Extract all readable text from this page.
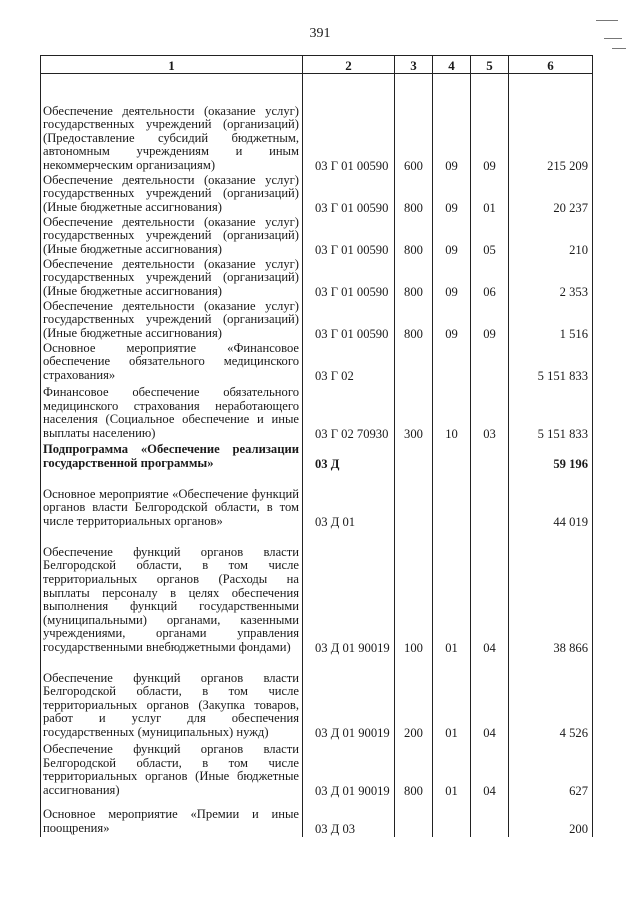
391
1	2	3	4	5	6
Обеспечение деятельности (оказание услуг) государственных учреждений (организаций) (Предоставление субсидий бюджетным, автономным учреждениям и иным некоммерческим организациям)	03 Г 01 00590	600	09	09	215 209
Обеспечение деятельности (оказание услуг) государственных учреждений (организаций) (Иные бюджетные ассигнования)	03 Г 01 00590	800	09	01	20 237
Обеспечение деятельности (оказание услуг) государственных учреждений (организаций) (Иные бюджетные ассигнования)	03 Г 01 00590	800	09	05	210
Обеспечение деятельности (оказание услуг) государственных учреждений (организаций) (Иные бюджетные ассигнования)	03 Г 01 00590	800	09	06	2 353
Обеспечение деятельности (оказание услуг) государственных учреждений (организаций) (Иные бюджетные ассигнования)	03 Г 01 00590	800	09	09	1 516
Основное мероприятие «Финансовое обеспечение обязательного медицинского страхования»	03 Г 02				5 151 833
Финансовое обеспечение обязательного медицинского страхования неработающего населения (Социальное обеспечение и иные выплаты населению)	03 Г 02 70930	300	10	03	5 151 833
Подпрограмма «Обеспечение реализации государственной программы»	03 Д				59 196
Основное мероприятие «Обеспечение функций органов власти Белгородской области, в том числе территориальных органов»	03 Д 01				44 019
Обеспечение функций органов власти Белгородской области, в том числе территориальных органов (Расходы на выплаты персоналу в целях обеспечения выполнения функций государственными (муниципальными) органами, казенными учреждениями, органами управления государственными внебюджетными фондами)	03 Д 01 90019	100	01	04	38 866
Обеспечение функций органов власти Белгородской области, в том числе территориальных органов (Закупка товаров, работ и услуг для обеспечения государственных (муниципальных) нужд)	03 Д 01 90019	200	01	04	4 526
Обеспечение функций органов власти Белгородской области, в том числе территориальных органов (Иные бюджетные ассигнования)	03 Д 01 90019	800	01	04	627
Основное мероприятие «Премии и иные поощрения»	03 Д 03				200
